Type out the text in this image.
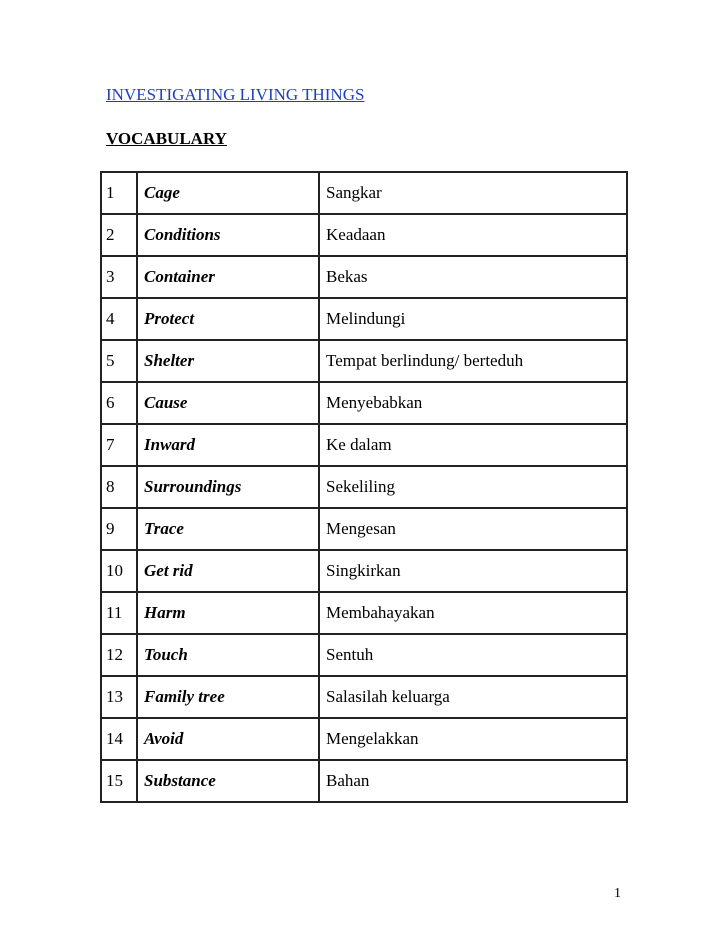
INVESTIGATING LIVING THINGS
VOCABULARY
1	Cage	Sangkar
2	Conditions	Keadaan
3	Container	Bekas
4	Protect	Melindungi
5	Shelter	Tempat berlindung/ berteduh
6	Cause	Menyebabkan
7	Inward	Ke dalam
8	Surroundings	Sekeliling
9	Trace	Mengesan
10	Get rid	Singkirkan
11	Harm	Membahayakan
12	Touch	Sentuh
13	Family tree	Salasilah keluarga
14	Avoid	Mengelakkan
15	Substance	Bahan
1
